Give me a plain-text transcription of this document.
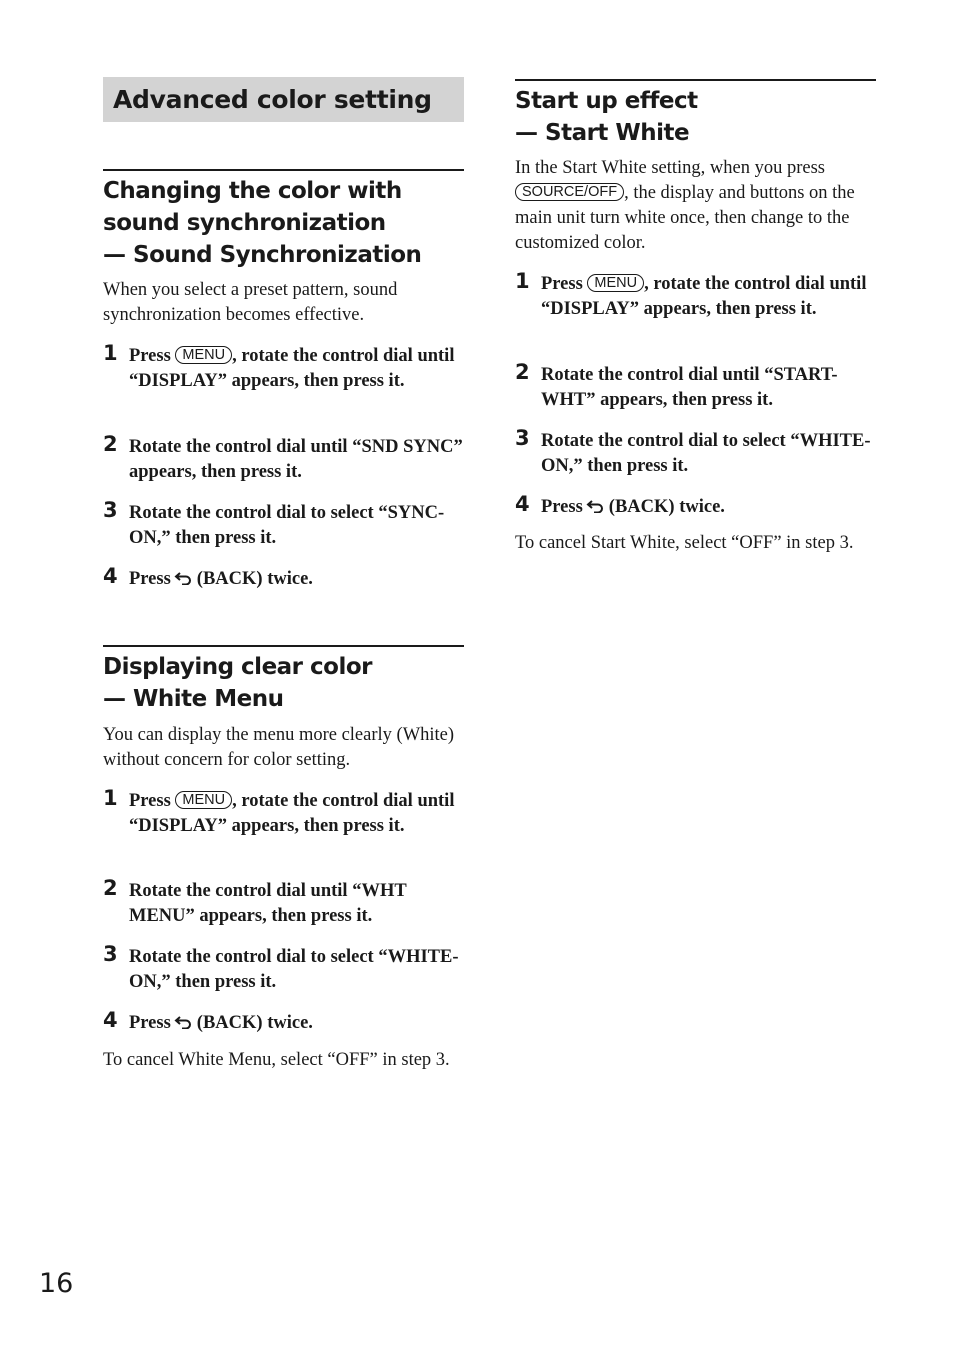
Advanced color setting
Changing the color with
sound synchronization
— Sound Synchronization
When you select a preset pattern, sound synchronization becomes effective.
1 Press MENU , rotate the control dial until “DISPLAY” appears, then press it.
2 Rotate the control dial until “SND SYNC” appears, then press it.
3 Rotate the control dial to select “SYNC-ON,” then press it.
4 Press (BACK) twice.
Displaying clear color
— White Menu
You can display the menu more clearly (White) without concern for color setting.
1 Press MENU , rotate the control dial until “DISPLAY” appears, then press it.
2 Rotate the control dial until “WHT MENU” appears, then press it.
3 Rotate the control dial to select “WHITE-ON,” then press it.
4 Press (BACK) twice.
To cancel White Menu, select “OFF” in step 3.
Start up effect
— Start White
In the Start White setting, when you press SOURCE/OFF , the display and buttons on the main unit turn white once, then change to the customized color.
1 Press MENU , rotate the control dial until “DISPLAY” appears, then press it.
2 Rotate the control dial until “START-WHT” appears, then press it.
3 Rotate the control dial to select “WHITE-ON,” then press it.
4 Press (BACK) twice.
To cancel Start White, select “OFF” in step 3.
16
